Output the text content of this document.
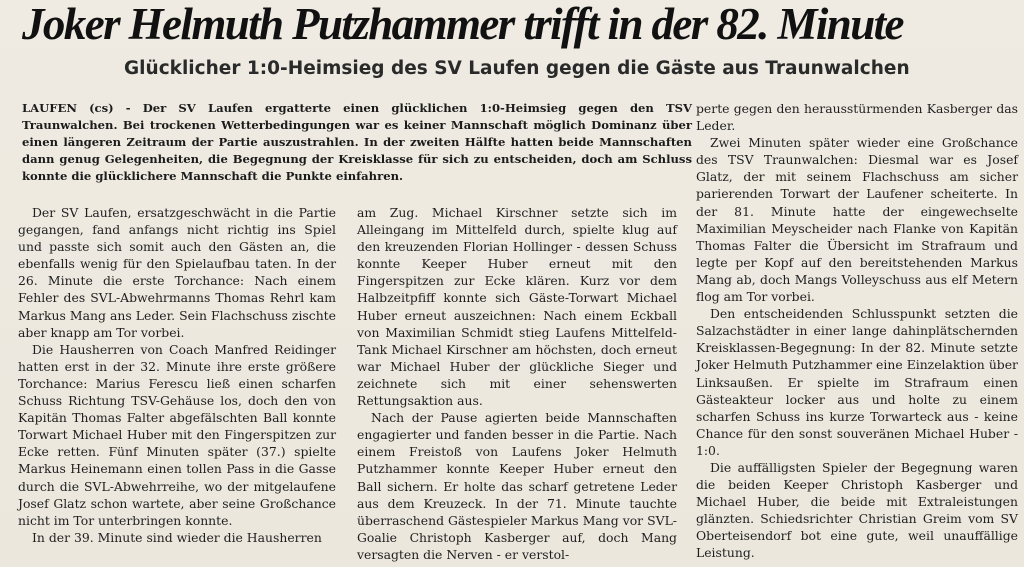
Joker Helmuth Putzhammer trifft in der 82. Minute
Glücklicher 1:0-Heimsieg des SV Laufen gegen die Gäste aus Traunwalchen
LAUFEN (cs) - Der SV Laufen ergatterte einen glücklichen 1:0-Heimsieg gegen den TSV Traunwalchen. Bei trockenen Wetterbedingungen war es keiner Mannschaft möglich Dominanz über einen längeren Zeitraum der Partie auszustrahlen. In der zweiten Hälfte hatten beide Mannschaften dann genug Gelegenheiten, die Begegnung der Kreisklasse für sich zu entscheiden, doch am Schluss konnte die glücklichere Mannschaft die Punkte einfahren.

Der SV Laufen, ersatzgeschwächt in die Partie gegangen, fand anfangs nicht richtig ins Spiel und passte sich somit auch den Gästen an, die ebenfalls wenig für den Spielaufbau taten. In der 26. Minute die erste Torchance: Nach einem Fehler des SVL-Abwehrmanns Thomas Rehrl kam Markus Mang ans Leder. Sein Flachschuss zischte aber knapp am Tor vorbei.

Die Hausherren von Coach Manfred Reidinger hatten erst in der 32. Minute ihre erste größere Torchance: Marius Ferescu ließ einen scharfen Schuss Richtung TSV-Gehäuse los, doch den von Kapitän Thomas Falter abgefälschten Ball konnte Torwart Michael Huber mit den Fingerspitzen zur Ecke retten. Fünf Minuten später (37.) spielte Markus Heinemann einen tollen Pass in die Gasse durch die SVL-Abwehrreihe, wo der mitgelaufene Josef Glatz schon wartete, aber seine Großchance nicht im Tor unterbringen konnte.

In der 39. Minute sind wieder die Hausherren

am Zug. Michael Kirschner setzte sich im Alleingang im Mittelfeld durch, spielte klug auf den kreuzenden Florian Hollinger - dessen Schuss konnte Keeper Huber erneut mit den Fingerspitzen zur Ecke klären. Kurz vor dem Halbzeitpfiff konnte sich Gäste-Torwart Michael Huber erneut auszeichnen: Nach einem Eckball von Maximilian Schmidt stieg Laufens Mittelfeld-Tank Michael Kirschner am höchsten, doch erneut war Michael Huber der glückliche Sieger und zeichnete sich mit einer sehenswerten Rettungsaktion aus.

Nach der Pause agierten beide Mannschaften engagierter und fanden besser in die Partie. Nach einem Freistoß von Laufens Joker Helmuth Putzhammer konnte Keeper Huber erneut den Ball sichern. Er holte das scharf getretene Leder aus dem Kreuzeck. In der 71. Minute tauchte überraschend Gästespieler Markus Mang vor SVL-Goalie Christoph Kasberger auf, doch Mang versagten die Nerven - er verstol-

perte gegen den herausstürmenden Kasberger das Leder.

Zwei Minuten später wieder eine Großchance des TSV Traunwalchen: Diesmal war es Josef Glatz, der mit seinem Flachschuss am sicher parierenden Torwart der Laufener scheiterte. In der 81. Minute hatte der eingewechselte Maximilian Meyscheider nach Flanke von Kapitän Thomas Falter die Übersicht im Strafraum und legte per Kopf auf den bereitstehenden Markus Mang ab, doch Mangs Volleyschuss aus elf Metern flog am Tor vorbei.

Den entscheidenden Schlusspunkt setzten die Salzachstädter in einer lange dahinplätschernden Kreisklassen-Begegnung: In der 82. Minute setzte Joker Helmuth Putzhammer eine Einzelaktion über Linksaußen. Er spielte im Strafraum einen Gästeakteur locker aus und holte zu einem scharfen Schuss ins kurze Torwarteck aus - keine Chance für den sonst souveränen Michael Huber - 1:0.

Die auffälligsten Spieler der Begegnung waren die beiden Keeper Christoph Kasberger und Michael Huber, die beide mit Extraleistungen glänzten. Schiedsrichter Christian Greim vom SV Oberteisendorf bot eine gute, weil unauffällige Leistung.
